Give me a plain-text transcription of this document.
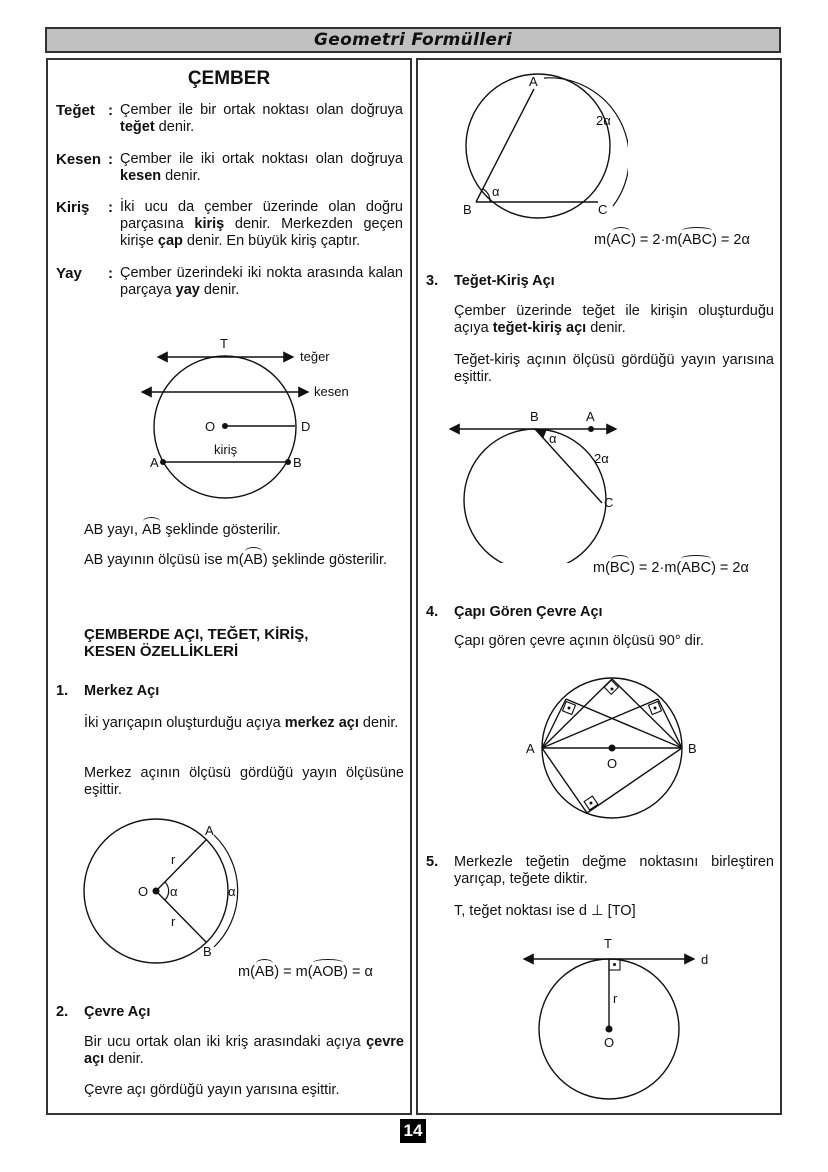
Geometri Formülleri
ÇEMBER
Teğet : Çember ile bir ortak noktası olan doğruya teğet denir.
Kesen : Çember ile iki ortak noktası olan doğruya kesen denir.
Kiriş : İki ucu da çember üzerinde olan doğru parçasına kiriş denir. Merkezden geçen kirişe çap denir. En büyük kiriş çaptır.
Yay : Çember üzerindeki iki nokta arasında kalan parçaya yay denir.
T
teğer
kesen
O	D
kiriş
A	B
AB yayı, AB şeklinde gösterilir.
AB yayının ölçüsü ise m(AB) şeklinde gösterilir.
ÇEMBERDE AÇI, TEĞET, KİRİŞ,
KESEN ÖZELLİKLERİ
1. Merkez Açı
İki yarıçapın oluşturduğu açıya merkez açı denir.
Merkez açının ölçüsü gördüğü yayın ölçüsüne eşittir.
A
B
O
r
r
α	α
m(AB) = m(AOB) = α
2. Çevre Açı
Bir ucu ortak olan iki kriş arasındaki açıya çevre açı denir.
Çevre açı gördüğü yayın yarısına eşittir.
A
B	C
α
2α
m(AC) = 2·m(ABC) = 2α
3. Teğet-Kiriş Açı
Çember üzerinde teğet ile kirişin oluşturduğu açıya teğet-kiriş açı denir.
Teğet-kiriş açının ölçüsü gördüğü yayın yarısına eşittir.
B	A
C
α
2α
m(BC) = 2·m(ABC) = 2α
4. Çapı Gören Çevre Açı
Çapı gören çevre açının ölçüsü 90° dir.
A	B
O
5. Merkezle teğetin değme noktasını birleştiren yarıçap, teğete diktir.
T, teğet noktası ise d ⊥ [TO]
T
d
r
O
14
